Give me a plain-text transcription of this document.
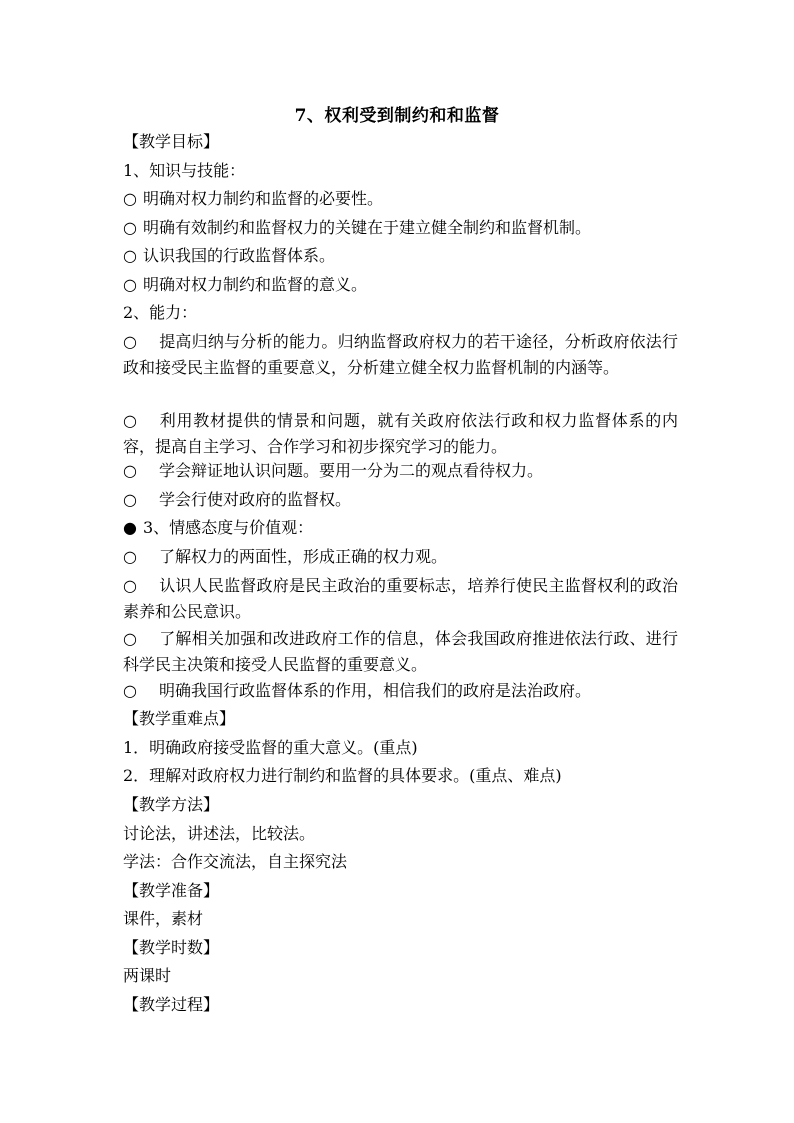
7、权利受到制约和和监督
【教学目标】
1、知识与技能：
○ 明确对权力制约和监督的必要性。
○ 明确有效制约和监督权力的关键在于建立健全制约和监督机制。
○ 认识我国的行政监督体系。
○ 明确对权力制约和监督的意义。
2、能力：
○ 提高归纳与分析的能力。归纳监督政府权力的若干途径，分析政府依法行政和接受民主监督的重要意义，分析建立健全权力监督机制的内涵等。
○ 利用教材提供的情景和问题，就有关政府依法行政和权力监督体系的内容，提高自主学习、合作学习和初步探究学习的能力。
○ 学会辩证地认识问题。要用一分为二的观点看待权力。
○ 学会行使对政府的监督权。
● 3、情感态度与价值观：
○ 了解权力的两面性，形成正确的权力观。
○ 认识人民监督政府是民主政治的重要标志，培养行使民主监督权利的政治素养和公民意识。
○ 了解相关加强和改进政府工作的信息，体会我国政府推进依法行政、进行科学民主决策和接受人民监督的重要意义。
○ 明确我国行政监督体系的作用，相信我们的政府是法治政府。
【教学重难点】
1．明确政府接受监督的重大意义。(重点)
2．理解对政府权力进行制约和监督的具体要求。(重点、难点)
【教学方法】
讨论法，讲述法，比较法。
学法：合作交流法，自主探究法
【教学准备】
课件，素材
【教学时数】
两课时
【教学过程】
